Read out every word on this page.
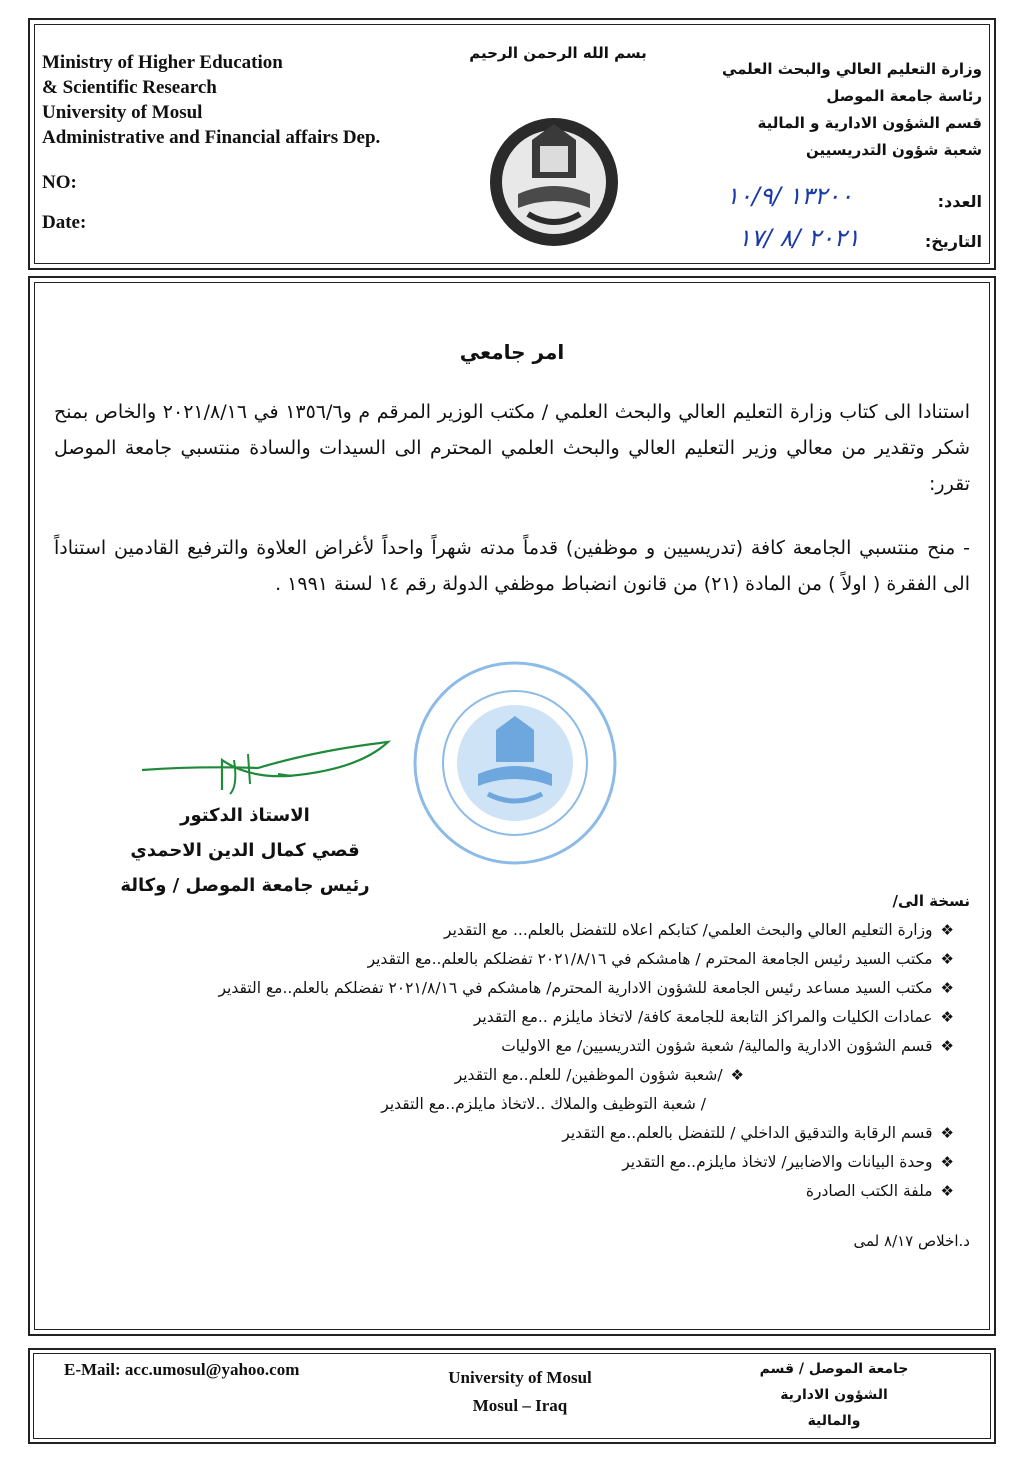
Ministry of Higher Education
& Scientific Research
University of Mosul
Administrative and Financial affairs Dep.
NO:
Date:
بسم الله الرحمن الرحيم
وزارة التعليم العالي والبحث العلمي
رئاسة جامعة الموصل
قسم الشؤون الادارية و المالية
شعبة شؤون التدريسيين
العدد:
التاريخ:
١٣٢٠٠ /١٠/٩
٢٠٢١ /٨ /١٧
امر جامعي
استنادا الى كتاب وزارة التعليم العالي والبحث العلمي / مكتب الوزير المرقم م و١٣٥٦/٦ في ٢٠٢١/٨/١٦ والخاص بمنح شكر وتقدير من معالي وزير التعليم العالي والبحث العلمي المحترم الى السيدات والسادة منتسبي جامعة الموصل تقرر:
- منح منتسبي الجامعة كافة (تدريسيين و موظفين) قدماً مدته شهراً واحداً لأغراض العلاوة والترفيع القادمين استناداً الى الفقرة ( اولاً ) من المادة (٢١) من قانون انضباط موظفي الدولة رقم ١٤ لسنة ١٩٩١ .
الاستاذ الدكتور
قصي كمال الدين الاحمدي
رئيس جامعة الموصل / وكالة
نسخة الى/
❖وزارة التعليم العالي والبحث العلمي/ كتابكم اعلاه للتفضل بالعلم... مع التقدير
❖مكتب السيد رئيس الجامعة المحترم / هامشكم في ٢٠٢١/٨/١٦ تفضلكم بالعلم..مع التقدير
❖مكتب السيد مساعد رئيس الجامعة للشؤون الادارية المحترم/ هامشكم في ٢٠٢١/٨/١٦ تفضلكم بالعلم..مع التقدير
❖عمادات الكليات والمراكز التابعة للجامعة كافة/ لاتخاذ مايلزم ..مع التقدير
❖قسم الشؤون الادارية والمالية/ شعبة شؤون التدريسيين/ مع الاوليات
❖/شعبة شؤون الموظفين/ للعلم..مع التقدير
/ شعبة التوظيف والملاك ..لاتخاذ مايلزم..مع التقدير
❖قسم الرقابة والتدقيق الداخلي / للتفضل بالعلم..مع التقدير
❖وحدة البيانات والاضابير/ لاتخاذ مايلزم..مع التقدير
❖ملفة الكتب الصادرة
د.اخلاص ٨/١٧ لمى
E-Mail: acc.umosul@yahoo.com	University of Mosul
Mosul – Iraq
جامعة الموصل / قسم
الشؤون الادارية
والمالية
